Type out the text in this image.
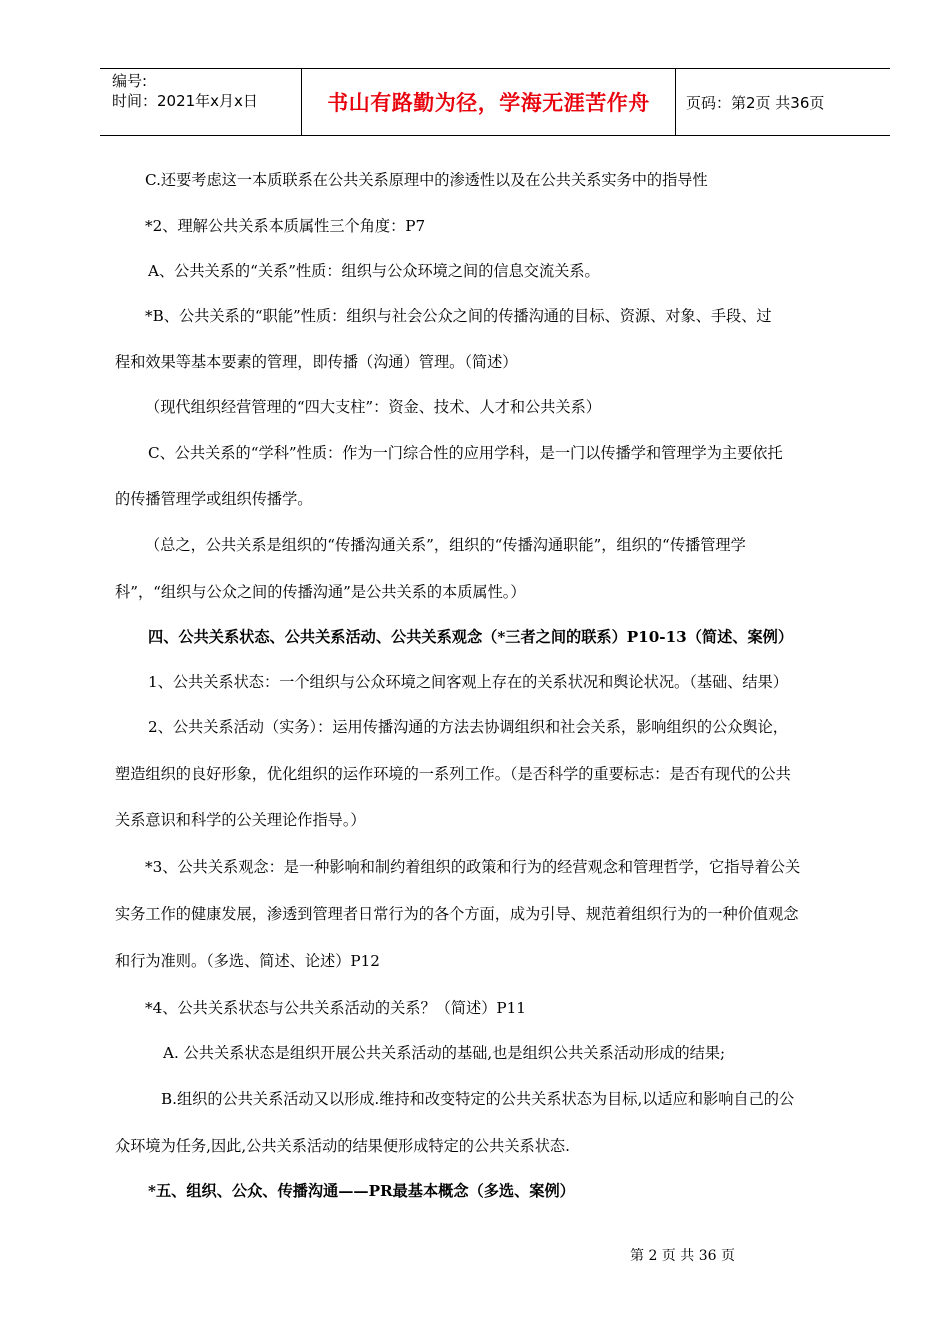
编号:
时间：2021年x月x日	书山有路勤为径，学海无涯苦作舟	页码：第2页 共36页
C.还要考虑这一本质联系在公共关系原理中的渗透性以及在公共关系实务中的指导性
*2、理解公共关系本质属性三个角度：P7
A、公共关系的“关系”性质：组织与公众环境之间的信息交流关系。
*B、公共关系的“职能”性质：组织与社会公众之间的传播沟通的目标、资源、对象、手段、过
程和效果等基本要素的管理，即传播（沟通）管理。（简述）
（现代组织经营管理的“四大支柱”：资金、技术、人才和公共关系）
C、公共关系的“学科”性质：作为一门综合性的应用学科，是一门以传播学和管理学为主要依托
的传播管理学或组织传播学。
（总之，公共关系是组织的“传播沟通关系”，组织的“传播沟通职能”，组织的“传播管理学
科”，“组织与公众之间的传播沟通”是公共关系的本质属性。）
四、公共关系状态、公共关系活动、公共关系观念（*三者之间的联系）P10-13（简述、案例）
1、公共关系状态：一个组织与公众环境之间客观上存在的关系状况和舆论状况。（基础、结果）
2、公共关系活动（实务）：运用传播沟通的方法去协调组织和社会关系，影响组织的公众舆论，
塑造组织的良好形象，优化组织的运作环境的一系列工作。（是否科学的重要标志：是否有现代的公共
关系意识和科学的公关理论作指导。）
*3、公共关系观念：是一种影响和制约着组织的政策和行为的经营观念和管理哲学，它指导着公关
实务工作的健康发展，渗透到管理者日常行为的各个方面，成为引导、规范着组织行为的一种价值观念
和行为准则。（多选、简述、论述）P12
*4、公共关系状态与公共关系活动的关系？（简述）P11
A. 公共关系状态是组织开展公共关系活动的基础,也是组织公共关系活动形成的结果;
B.组织的公共关系活动又以形成.维持和改变特定的公共关系状态为目标,以适应和影响自己的公
众环境为任务,因此,公共关系活动的结果便形成特定的公共关系状态.
*五、组织、公众、传播沟通——PR最基本概念（多选、案例）
第 2 页 共 36 页
